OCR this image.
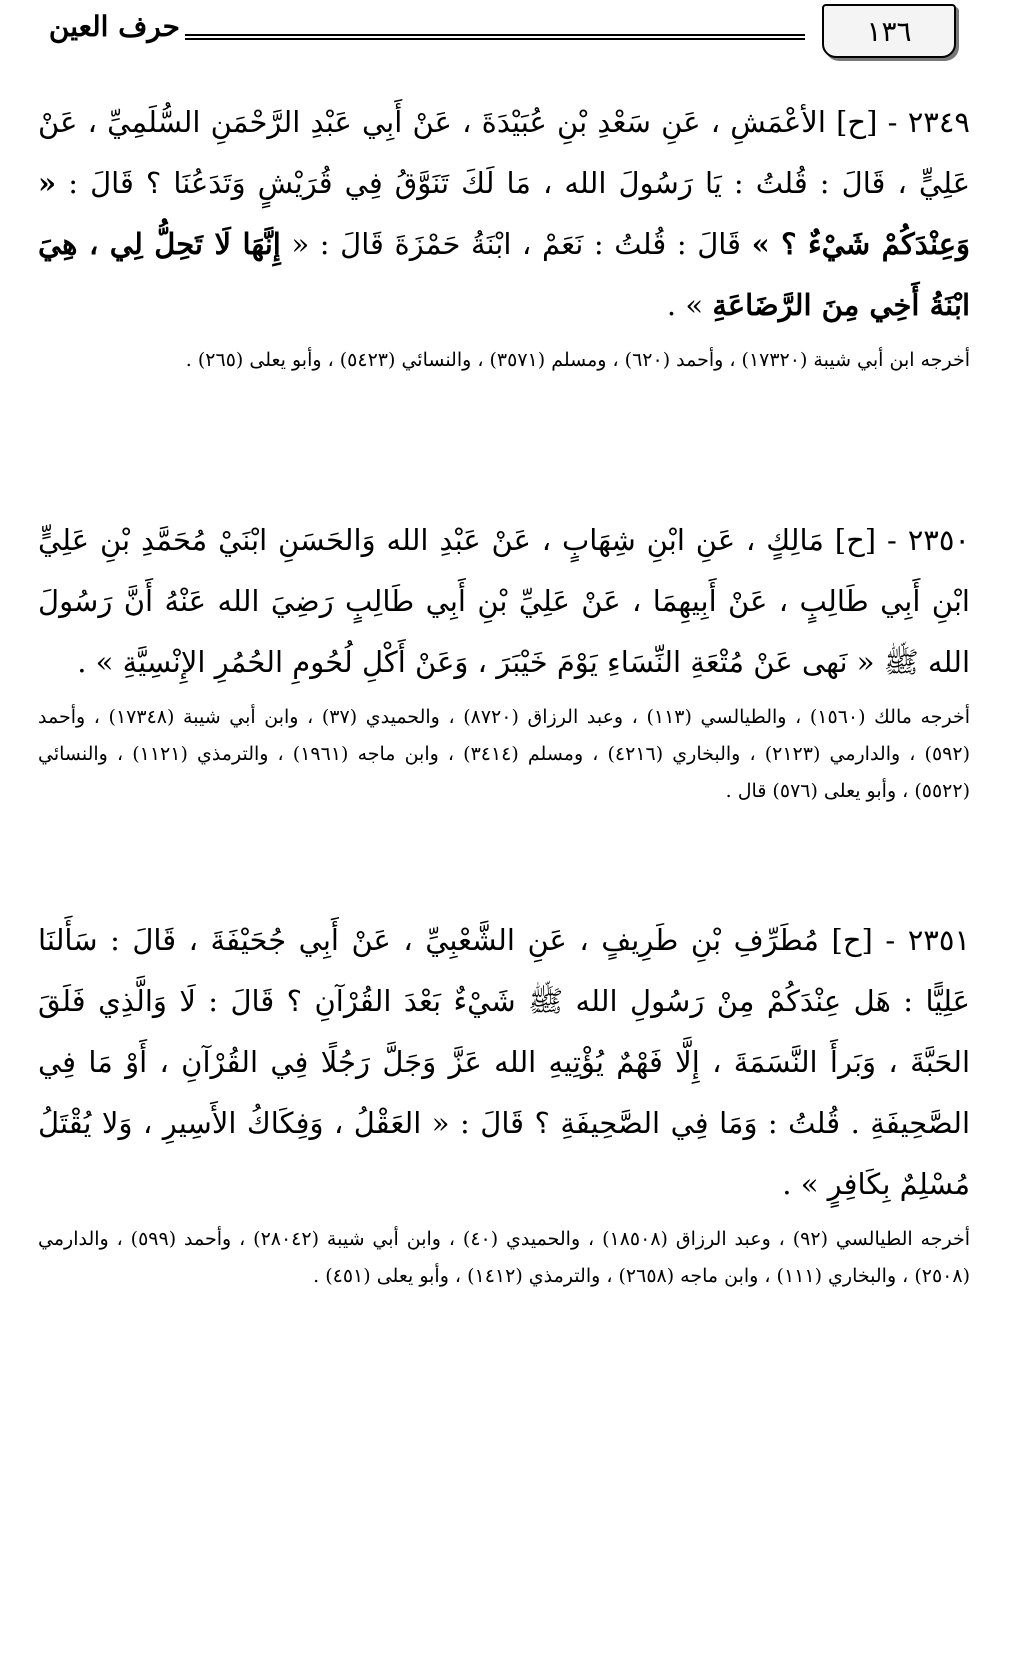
١٣٦
حرف العين

٢٣٤٩ - [ح] الأعْمَشِ ، عَنِ سَعْدِ بْنِ عُبَيْدَةَ ، عَنْ أَبِي عَبْدِ الرَّحْمَنِ السُّلَمِيِّ ، عَنْ عَلِيٍّ ، قَالَ : قُلتُ : يَا رَسُولَ الله ، مَا لَكَ تَنَوَّقُ فِي قُرَيْشٍ وَتَدَعُنَا ؟ قَالَ : « وَعِنْدَكُمْ شَيْءٌ ؟ » قَالَ : قُلتُ : نَعَمْ ، ابْنَةُ حَمْزَةَ قَالَ : « إِنَّهَا لَا تَحِلُّ لِي ، هِيَ ابْنَةُ أَخِي مِنَ الرَّضَاعَةِ » .

أخرجه ابن أبي شيبة (١٧٣٢٠) ، وأحمد (٦٢٠) ، ومسلم (٣٥٧١) ، والنسائي (٥٤٢٣) ، وأبو يعلى (٢٦٥) .

٢٣٥٠ - [ح] مَالِكٍ ، عَنِ ابْنِ شِهَابٍ ، عَنْ عَبْدِ الله وَالحَسَنِ ابْنَيْ مُحَمَّدِ بْنِ عَلِيٍّ ابْنِ أَبِي طَالِبٍ ، عَنْ أَبِيهِمَا ، عَنْ عَلِيِّ بْنِ أَبِي طَالِبٍ رَضِيَ الله عَنْهُ أَنَّ رَسُولَ الله ﷺ « نَهى عَنْ مُتْعَةِ النِّسَاءِ يَوْمَ خَيْبَرَ ، وَعَنْ أَكْلِ لُحُومِ الحُمُرِ الإِنْسِيَّةِ » .

أخرجه مالك (١٥٦٠) ، والطيالسي (١١٣) ، وعبد الرزاق (٨٧٢٠) ، والحميدي (٣٧) ، وابن أبي شيبة (١٧٣٤٨) ، وأحمد (٥٩٢) ، والدارمي (٢١٢٣) ، والبخاري (٤٢١٦) ، ومسلم (٣٤١٤) ، وابن ماجه (١٩٦١) ، والترمذي (١١٢١) ، والنسائي (٥٥٢٢) ، وأبو يعلى (٥٧٦) قال .

٢٣٥١ - [ح] مُطَرِّفِ بْنِ طَرِيفٍ ، عَنِ الشَّعْبِيِّ ، عَنْ أَبِي جُحَيْفَةَ ، قَالَ : سَأَلنَا عَلِيًّا : هَل عِنْدَكُمْ مِنْ رَسُولِ الله ﷺ شَيْءٌ بَعْدَ القُرْآنِ ؟ قَالَ : لَا وَالَّذِي فَلَقَ الحَبَّةَ ، وَبَرأَ النَّسَمَةَ ، إِلَّا فَهْمٌ يُؤْتِيهِ الله عَزَّ وَجَلَّ رَجُلًا فِي القُرْآنِ ، أَوْ مَا فِي الصَّحِيفَةِ . قُلتُ : وَمَا فِي الصَّحِيفَةِ ؟ قَالَ : « العَقْلُ ، وَفِكَاكُ الأَسِيرِ ، وَلا يُقْتَلُ مُسْلِمٌ بِكَافِرٍ » .

أخرجه الطيالسي (٩٢) ، وعبد الرزاق (١٨٥٠٨) ، والحميدي (٤٠) ، وابن أبي شيبة (٢٨٠٤٢) ، وأحمد (٥٩٩) ، والدارمي (٢٥٠٨) ، والبخاري (١١١) ، وابن ماجه (٢٦٥٨) ، والترمذي (١٤١٢) ، وأبو يعلى (٤٥١) .
